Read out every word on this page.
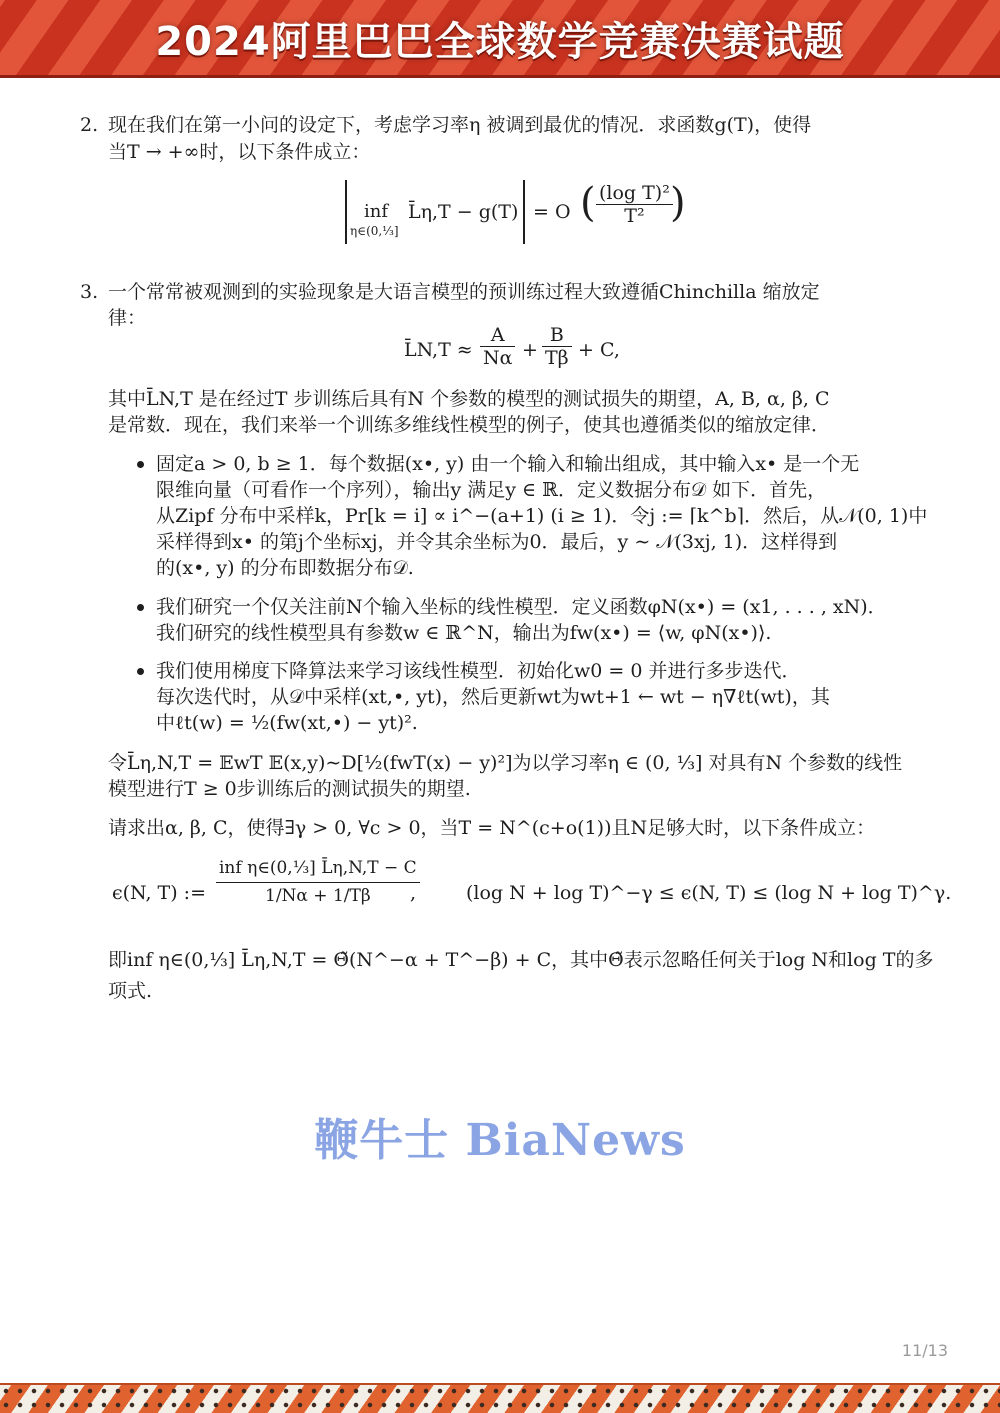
2024阿里巴巴全球数学竞赛决赛试题
2. 现在我们在第一小问的设定下，考虑学习率η 被调到最优的情况．求函数g(T)，使得
当T → +∞时，以下条件成立：
inf
η∈(0,⅓]
L̄η,T − g(T) = O ( $\frac{\text{(log T)²}}{\text{T²}}$
)
3. 一个常常被观测到的实验现象是大语言模型的预训练过程大致遵循Chinchilla 缩放定
律：
L̄N,T ≈ $\frac{A}{N\alpha} + \frac{B}{T\beta} + C$,
其中L̄N,T 是在经过T 步训练后具有N 个参数的模型的测试损失的期望，A, B, α, β, C
是常数．现在，我们来举一个训练多维线性模型的例子，使其也遵循类似的缩放定律．
固定a > 0, b ≥ 1．每个数据(x•, y) 由一个输入和输出组成，其中输入x• 是一个无
限维向量（可看作一个序列），输出y 满足y ∈ ℝ．定义数据分布𝒟 如下．首先，
从Zipf 分布中采样k，Pr[k = i] ∝ i^−(a+1) (i ≥ 1)．令j := ⌈k^b⌉．然后，从𝒩(0, 1)中
采样得到x• 的第j个坐标xj，并令其余坐标为0．最后，y ∼ 𝒩(3xj, 1)．这样得到
的(x•, y) 的分布即数据分布𝒟.
我们研究一个仅关注前N个输入坐标的线性模型．定义函数φN(x•) = (x1, . . . , xN)．
我们研究的线性模型具有参数w ∈ ℝ^N，输出为fw(x•) = ⟨w, φN(x•)⟩.
我们使用梯度下降算法来学习该线性模型．初始化w0 = 0 并进行多步迭代．
每次迭代时，从𝒟中采样(xt,•, yt)，然后更新wt为wt+1 ← wt − η∇ℓt(wt)，其
中ℓt(w) = ½(fw(xt,•) − yt)².
令L̄η,N,T = 𝔼wT 𝔼(x,y)∼D[½(fwT(x) − y)²]为以学习率η ∈ (0, ⅓] 对具有N 个参数的线性
模型进行T ≥ 0步训练后的测试损失的期望.
请求出α, β, C，使得∃γ > 0, ∀c > 0，当T = N^(c+o(1))且N足够大时，以下条件成立：
ϵ(N, T) := $\frac{\text{inf η∈(0,⅓] L̄η,N,T − C}}{1/N\alpha + 1/T\beta}$
,	(log N + log T)^−γ ≤ ϵ(N, T) ≤ (log N + log T)^γ.
即inf η∈(0,⅓] L̄η,N,T = Θ̃(N^−α + T^−β) + C，其中Θ̃表示忽略任何关于log N和log T的多
项式.
鞭牛士 BiaNews
11/13
